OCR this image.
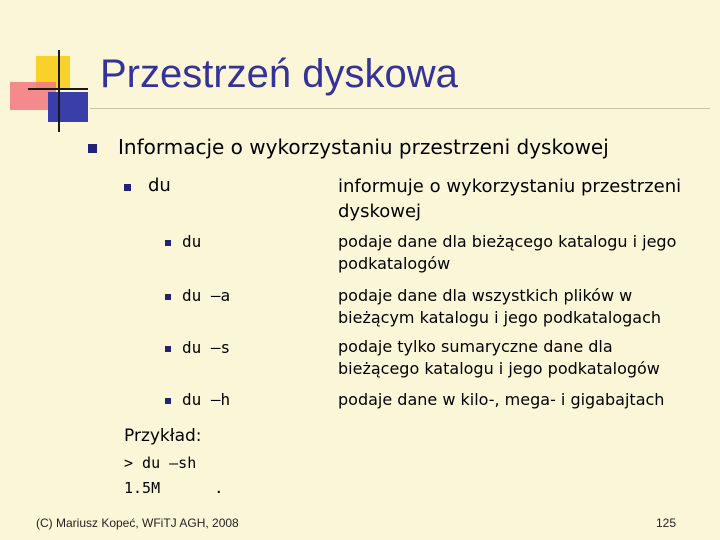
Przestrzeń dyskowa
Informacje o wykorzystaniu przestrzeni dyskowej
du	informuje o wykorzystaniu przestrzeni dyskowej
du	podaje dane dla bieżącego katalogu i jego podkatalogów
du –a	podaje dane dla wszystkich plików w bieżącym katalogu i jego podkatalogach
du –s	podaje tylko sumaryczne dane dla bieżącego katalogu i jego podkatalogów
du –h	podaje dane w kilo-, mega- i gigabajtach
Przykład:
> du –sh
1.5M      .
(C) Mariusz Kopeć, WFiTJ AGH, 2008	125
